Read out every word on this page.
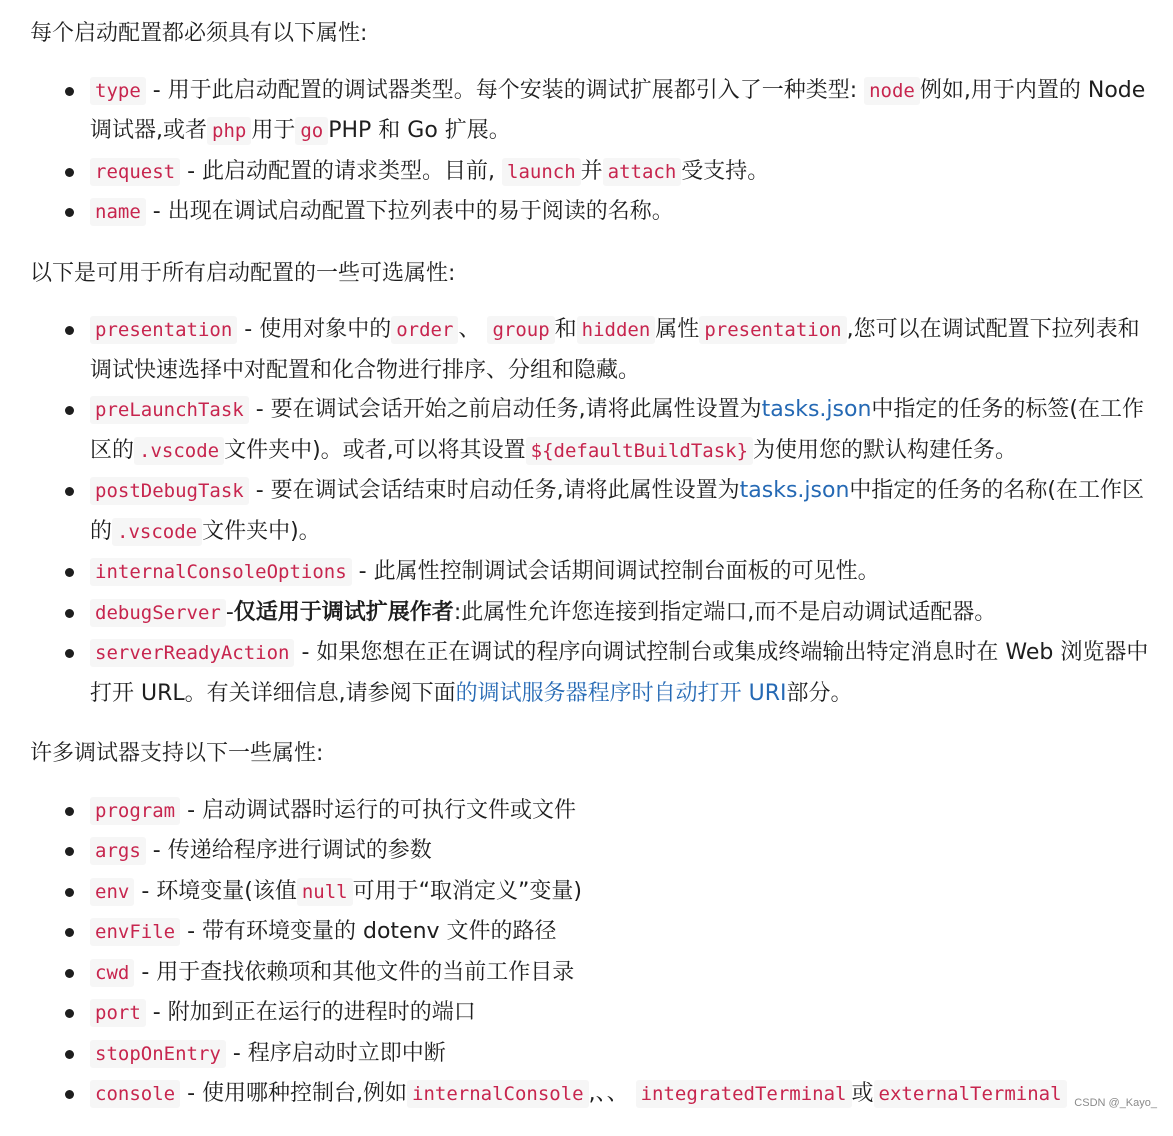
每个启动配置都必须具有以下属性:

type - 用于此启动配置的调试器类型。每个安装的调试扩展都引入了一种类型: node 例如,用于内置的 Node 调试器,或者 php 用于 go PHP 和 Go 扩展。
request - 此启动配置的请求类型。目前, launch 并 attach 受支持。
name - 出现在调试启动配置下拉列表中的易于阅读的名称。

以下是可用于所有启动配置的一些可选属性:

presentation - 使用对象中的 order 、 group 和 hidden 属性 presentation ,您可以在调试配置下拉列表和调试快速选择中对配置和化合物进行排序、分组和隐藏。
preLaunchTask - 要在调试会话开始之前启动任务,请将此属性设置为tasks.json中指定的任务的标签(在工作区的 .vscode 文件夹中)。或者,可以将其设置 ${defaultBuildTask} 为使用您的默认构建任务。
postDebugTask - 要在调试会话结束时启动任务,请将此属性设置为tasks.json中指定的任务的名称(在工作区的 .vscode 文件夹中)。
internalConsoleOptions - 此属性控制调试会话期间调试控制台面板的可见性。
debugServer -仅适用于调试扩展作者:此属性允许您连接到指定端口,而不是启动调试适配器。
serverReadyAction - 如果您想在正在调试的程序向调试控制台或集成终端输出特定消息时在 Web 浏览器中打开 URL。有关详细信息,请参阅下面的调试服务器程序时自动打开 URI部分。

许多调试器支持以下一些属性:

program - 启动调试器时运行的可执行文件或文件
args - 传递给程序进行调试的参数
env - 环境变量(该值 null 可用于“取消定义”变量)
envFile - 带有环境变量的 dotenv 文件的路径
cwd - 用于查找依赖项和其他文件的当前工作目录
port - 附加到正在运行的进程时的端口
stopOnEntry - 程序启动时立即中断
console - 使用哪种控制台,例如 internalConsole ,、、 integratedTerminal 或 externalTerminal	CSDN @_Kayo_
